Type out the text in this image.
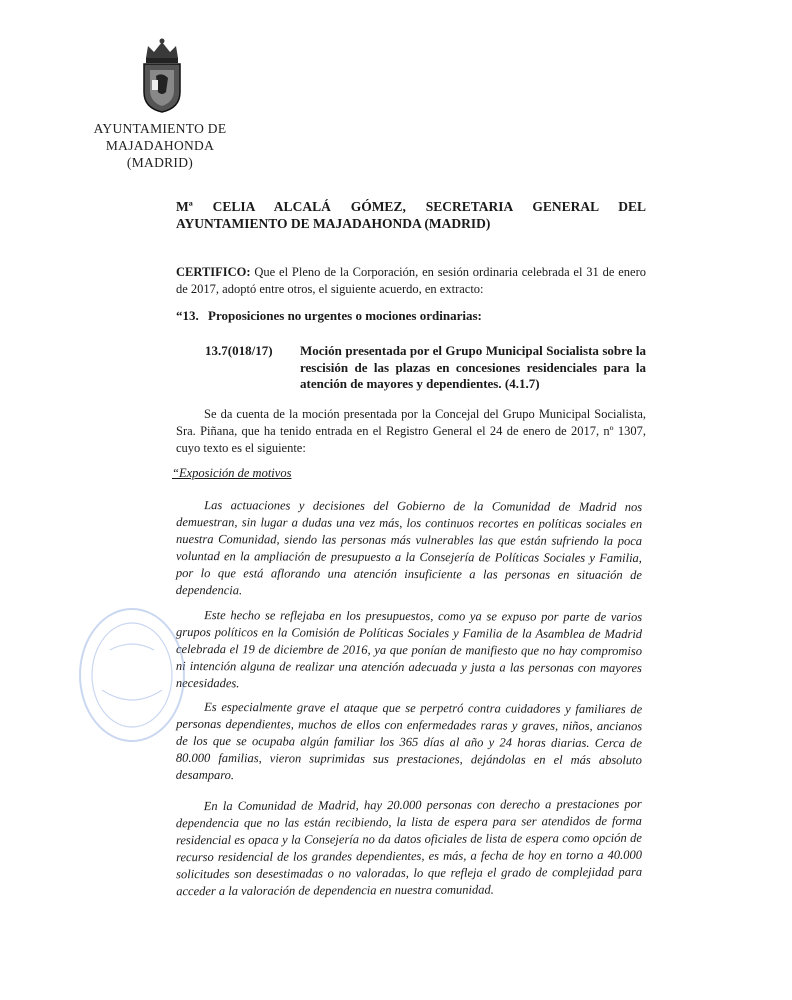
AYUNTAMIENTO DE
MAJADAHONDA
(MADRID)
Mª CELIA ALCALÁ GÓMEZ, SECRETARIA GENERAL DEL
AYUNTAMIENTO DE MAJADAHONDA (MADRID)
CERTIFICO: Que el Pleno de la Corporación, en sesión ordinaria celebrada el 31 de enero de 2017, adoptó entre otros, el siguiente acuerdo, en extracto:
“13. Proposiciones no urgentes o mociones ordinarias:
13.7(018/17) Moción presentada por el Grupo Municipal Socialista sobre la rescisión de las plazas en concesiones residenciales para la atención de mayores y dependientes. (4.1.7)
Se da cuenta de la moción presentada por la Concejal del Grupo Municipal Socialista, Sra. Piñana, que ha tenido entrada en el Registro General el 24 de enero de 2017, nº 1307, cuyo texto es el siguiente:
“Exposición de motivos
Las actuaciones y decisiones del Gobierno de la Comunidad de Madrid nos demuestran, sin lugar a dudas una vez más, los continuos recortes en políticas sociales en nuestra Comunidad, siendo las personas más vulnerables las que están sufriendo la poca voluntad en la ampliación de presupuesto a la Consejería de Políticas Sociales y Familia, por lo que está aflorando una atención insuficiente a las personas en situación de dependencia.
Este hecho se reflejaba en los presupuestos, como ya se expuso por parte de varios grupos políticos en la Comisión de Políticas Sociales y Familia de la Asamblea de Madrid celebrada el 19 de diciembre de 2016, ya que ponían de manifiesto que no hay compromiso ni intención alguna de realizar una atención adecuada y justa a las personas con mayores necesidades.
Es especialmente grave el ataque que se perpetró contra cuidadores y familiares de personas dependientes, muchos de ellos con enfermedades raras y graves, niños, ancianos de los que se ocupaba algún familiar los 365 días al año y 24 horas diarias. Cerca de 80.000 familias, vieron suprimidas sus prestaciones, dejándolas en el más absoluto desamparo.
En la Comunidad de Madrid, hay 20.000 personas con derecho a prestaciones por dependencia que no las están recibiendo, la lista de espera para ser atendidos de forma residencial es opaca y la Consejería no da datos oficiales de lista de espera como opción de recurso residencial de los grandes dependientes, es más, a fecha de hoy en torno a 40.000 solicitudes son desestimadas o no valoradas, lo que refleja el grado de complejidad para acceder a la valoración de dependencia en nuestra comunidad.
